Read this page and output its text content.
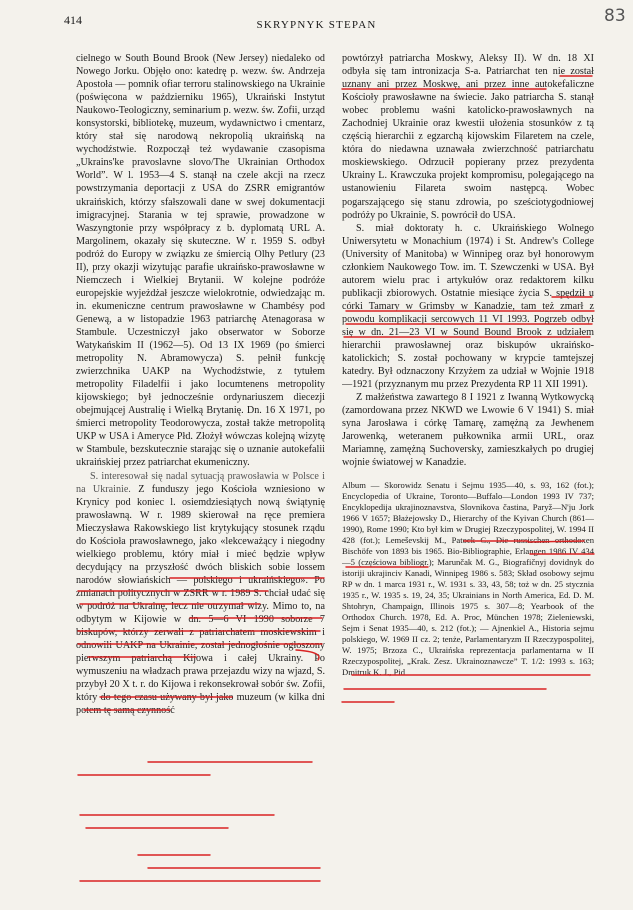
414	SKRYPNYK STEPAN	83

cielnego w South Bound Brook (New Jersey) niedaleko od Nowego Jorku. Objęło ono: katedrę p. wezw. św. Andrzeja Apostoła — pomnik ofiar terroru stalinowskiego na Ukrainie (poświęcona w październiku 1965), Ukraiński Instytut Naukowo-Teologiczny, seminarium p. wezw. św. Zofii, urząd konsystorski, bibliotekę, muzeum, wydawnictwo i cmentarz, który stał się narodową nekropolią ukraińską na wychodźstwie. Rozpoczął też wydawanie czasopisma „Ukrains'ke pravoslavne slovo/The Ukrainian Orthodox World”. W l. 1953—4 S. stanął na czele akcji na rzecz powstrzymania deportacji z USA do ZSRR emigrantów ukraińskich, którzy sfałszowali dane w swej dokumentacji imigracyjnej. Starania w tej sprawie, prowadzone w Waszyngtonie przy współpracy z b. dyplomatą URL A. Margolinem, okazały się skuteczne. W r. 1959 S. odbył podróż do Europy w związku ze śmiercią Olhy Petlury (23 II), przy okazji wizytując parafie ukraińsko-prawosławne w Niemczech i Wielkiej Brytanii. W kolejne podróże europejskie wyjeżdżał jeszcze wielokrotnie, odwiedzając m. in. ekumeniczne centrum prawosławne w Chambésy pod Genewą, a w listopadzie 1963 patriarchę Atenagorasa w Stambule. Uczestniczył jako obserwator w Soborze Watykańskim II (1962—5). Od 13 IX 1969 (po śmierci metropolity N. Abramowycza) S. pełnił funkcję zwierzchnika UAKP na Wychodźstwie, z tytułem metropolity Filadelfii i jako locumtenens metropolity kijowskiego; był jednocześnie ordynariuszem diecezji obejmującej Australię i Wielką Brytanię. Dn. 16 X 1971, po śmierci metropolity Teodorowycza, został także metropolitą UKP w USA i Ameryce Płd. Złożył wówczas kolejną wizytę w Stambule, bezskutecznie starając się o uznanie autokefalii ukraińskiej przez patriarchat ekumeniczny.

S. interesował się nadal sytuacją prawosławia w Polsce i na Ukrainie. Z funduszy jego Kościoła wzniesiono w Krynicy pod koniec l. osiemdziesiątych nową świątynię prawosławną. W r. 1989 skierował na ręce premiera Mieczysława Rakowskiego list krytykujący stosunek rządu do Kościoła prawosławnego, jako «lekceważący i niegodny wielkiego problemu, który miał i mieć będzie wpływ decydujący na przyszłość dwóch bliskich sobie lossem narodów słowiańskich — polskiego i ukraińskiego». Po zmianach politycznych w ZSRR w r. 1989 S. chciał udać się w podróż na Ukrainę, lecz nie otrzymał wizy. Mimo to, na odbytym w Kijowie w dn. 5—6 VI 1990 soborze 7 biskupów, którzy zerwali z patriarchatem moskiewskim i odnowili UAKP na Ukrainie, został jednogłośnie ogłoszony pierwszym patriarchą Kijowa i całej Ukrainy. Po wymuszeniu na władzach prawa przejazdu wizy na wjazd, S. przybył 20 X t. r. do Kijowa i rekonsekrował sobór św. Zofii, który do tego czasu używany był jako muzeum (w kilka dni potem tę samą czynność

powtórzył patriarcha Moskwy, Aleksy II). W dn. 18 XI odbyła się tam intronizacja S-a. Patriarchat ten nie został uznany ani przez Moskwę, ani przez inne autokefaliczne Kościoły prawosławne na świecie. Jako patriarcha S. stanął wobec problemu waśni katolicko-prawosławnych na Zachodniej Ukrainie oraz kwestii ułożenia stosunków z tą częścią hierarchii z egzarchą kijowskim Filaretem na czele, która do niedawna uznawała zwierzchność patriarchatu moskiewskiego. Odrzucił popierany przez prezydenta Ukrainy L. Krawczuka projekt kompromisu, polegającego na ustanowieniu Filareta swoim następcą. Wobec pogarszającego się stanu zdrowia, po sześciotygodniowej podróży po Ukrainie, S. powrócił do USA.

S. miał doktoraty h. c. Ukraińskiego Wolnego Uniwersytetu w Monachium (1974) i St. Andrew's College (University of Manitoba) w Winnipeg oraz był honorowym członkiem Naukowego Tow. im. T. Szewczenki w USA. Był autorem wielu prac i artykułów oraz redaktorem kilku publikacji zbiorowych. Ostatnie miesiące życia S. spędził u córki Tamary w Grimsby w Kanadzie, tam też zmarł z powodu komplikacji sercowych 11 VI 1993. Pogrzeb odbył się w dn. 21—23 VI w Sound Bound Brook z udziałem hierarchii prawosławnej oraz biskupów ukraińsko-katolickich; S. został pochowany w krypcie tamtejszej katedry. Był odznaczony Krzyżem za udział w Wojnie 1918—1921 (przyznanym mu przez Prezydenta RP 11 XII 1991).

Z małżeństwa zawartego 8 I 1921 z Iwanną Wytkowycką (zamordowana przez NKWD we Lwowie 6 V 1941) S. miał syna Jarosława i córkę Tamarę, zamężną za Jewhenem Jarowenką, weteranem pułkownika armii URL, oraz Mariamnę, zamężną Suchoversky, zamieszkałych po drugiej wojnie światowej w Kanadzie.

Album — Skorowidz Senatu i Sejmu 1935—40, s. 93, 162 (fot.); Encyclopedia of Ukraine, Toronto—Buffalo—London 1993 IV 737; Encyklopedija ukrajinoznavstva, Slovnikova častina, Paryž—N'ju Jork 1966 V 1657; Błażejowsky D., Hierarchy of the Kyivan Church (861—1990), Rome 1990; Kto był kim w Drugiej Rzeczypospolitej, W. 1994 II 428 (fot.); Lemeševskij M., Patock C., Die russischen orthodoxen Bischöfe von 1893 bis 1965. Bio-Bibliographie, Erlangen 1986 IV 434—5 (częściowa bibliogr.); Marunčak M. G., Biografičnyj dovidnyk do istoriji ukrajinciv Kanadi, Winnipeg 1986 s. 583; Skład osobowy sejmu RP w dn. 1 marca 1931 r., W. 1931 s. 33, 43, 58; toż w dn. 25 stycznia 1935 r., W. 1935 s. 19, 24, 35; Ukrainians in North America, Ed. D. M. Shtohryn, Champaign, Illinois 1975 s. 307—8; Yearbook of the Orthodox Church. 1978, Ed. A. Proc, München 1978; Zieleniewski, Sejm i Senat 1935—40, s. 212 (fot.); — Ajnenkiel A., Historia sejmu polskiego, W. 1969 II cz. 2; tenże, Parlamentaryzm II Rzeczypospolitej, W. 1975; Brzoza C., Ukraińska reprezentacja parlamentarna w II Rzeczypospolitej, „Krak. Zesz. Ukrainoznawcze” T. 1/2: 1993 s. 163; Dmitruk K. J., Pid
